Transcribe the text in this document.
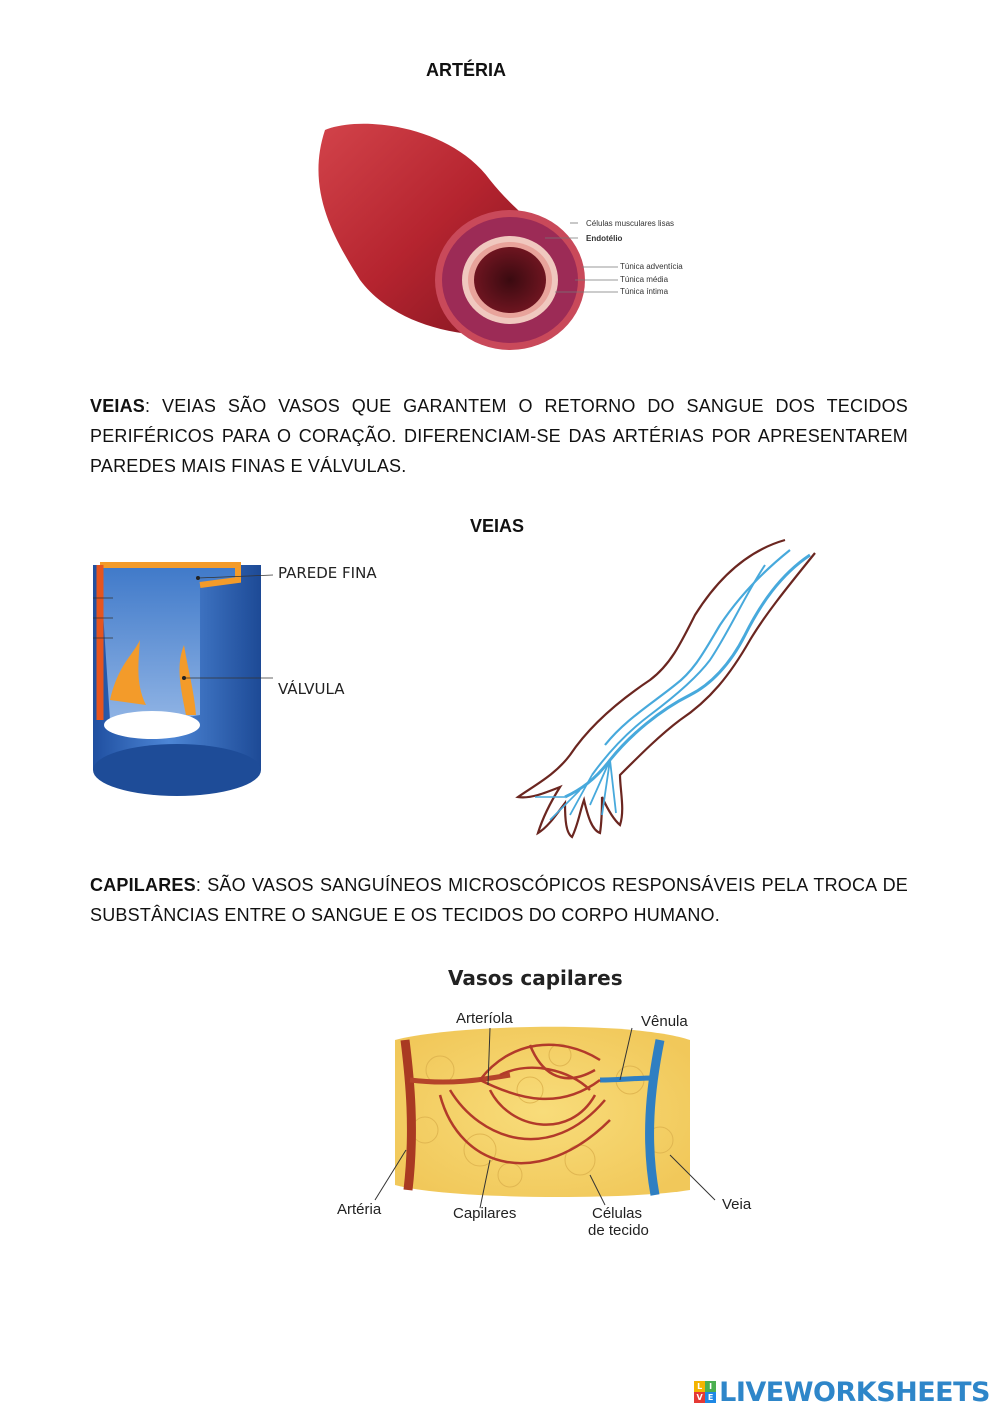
ARTÉRIA
Células musculares lisas
Endotélio
Túnica adventícia
Túnica média
Túnica íntima
VEIAS: VEIAS SÃO VASOS QUE GARANTEM O RETORNO DO SANGUE DOS TECIDOS PERIFÉRICOS PARA O CORAÇÃO. DIFERENCIAM-SE DAS ARTÉRIAS POR APRESENTAREM PAREDES MAIS FINAS E VÁLVULAS.
VEIAS
PAREDE FINA
VÁLVULA
CAPILARES: SÃO VASOS SANGUÍNEOS MICROSCÓPICOS RESPONSÁVEIS PELA TROCA DE SUBSTÂNCIAS ENTRE O SANGUE E OS TECIDOS DO CORPO HUMANO.
Vasos capilares
Arteríola	Vênula
Artéria	Capilares	Células
de tecido
Veia
L I
V E LIVEWORKSHEETS
